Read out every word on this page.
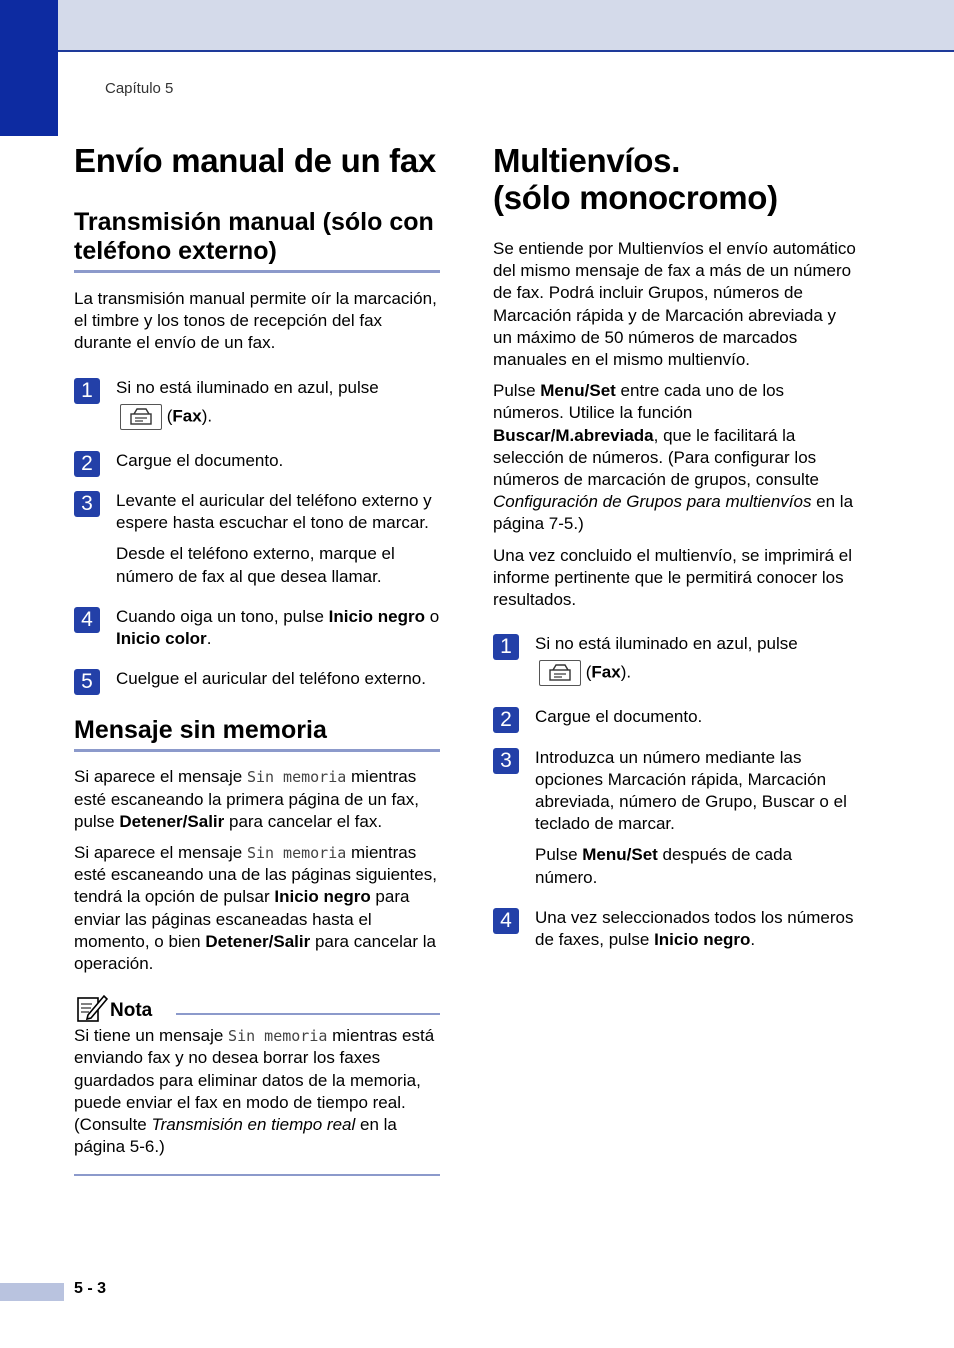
Capítulo 5
Envío manual de un fax
Transmisión manual (sólo con teléfono externo)

La transmisión manual permite oír la marcación, el timbre y los tonos de recepción del fax durante el envío de un fax.

1	Si no está iluminado en azul, pulse

(Fax).
2	Cargue el documento.

3	Levante el auricular del teléfono externo y espere hasta escuchar el tono de marcar.

Desde el teléfono externo, marque el número de fax al que desea llamar.

4	Cuando oiga un tono, pulse Inicio negro o Inicio color.

5	Cuelgue el auricular del teléfono externo.

Mensaje sin memoria

Si aparece el mensaje Sin memoria mientras esté escaneando la primera página de un fax, pulse Detener/Salir para cancelar el fax.

Si aparece el mensaje Sin memoria mientras esté escaneando una de las páginas siguientes, tendrá la opción de pulsar Inicio negro para enviar las páginas escaneadas hasta el momento, o bien Detener/Salir para cancelar la operación.

Nota

Si tiene un mensaje Sin memoria mientras está enviando fax y no desea borrar los faxes guardados para eliminar datos de la memoria, puede enviar el fax en modo de tiempo real. (Consulte Transmisión en tiempo real en la página 5-6.)

Multienvíos.
(sólo monocromo)

Se entiende por Multienvíos el envío automático del mismo mensaje de fax a más de un número de fax. Podrá incluir Grupos, números de Marcación rápida y de Marcación abreviada y un máximo de 50 números de marcados manuales en el mismo multienvío.

Pulse Menu/Set entre cada uno de los números. Utilice la función Buscar/M.abreviada, que le facilitará la selección de números. (Para configurar los números de marcación de grupos, consulte Configuración de Grupos para multienvíos en la página 7-5.)

Una vez concluido el multienvío, se imprimirá el informe pertinente que le permitirá conocer los resultados.

1	Si no está iluminado en azul, pulse

(Fax).
2	Cargue el documento.

3	Introduzca un número mediante las opciones Marcación rápida, Marcación abreviada, número de Grupo, Buscar o el teclado de marcar.

Pulse Menu/Set después de cada número.

4	Una vez seleccionados todos los números de faxes, pulse Inicio negro.

5 - 3
